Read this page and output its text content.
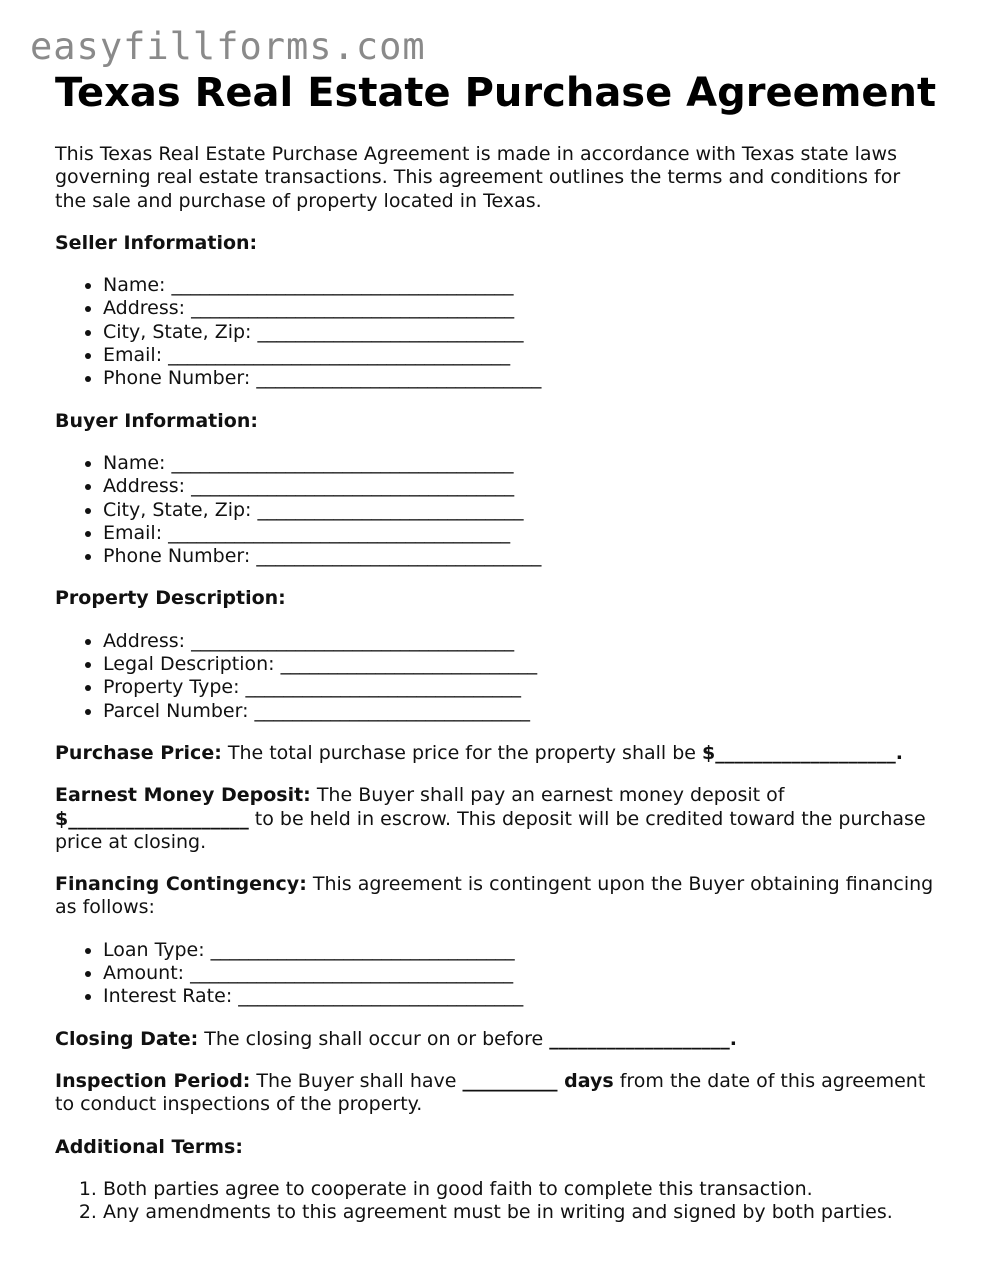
easyfillforms.com
Texas Real Estate Purchase Agreement

This Texas Real Estate Purchase Agreement is made in accordance with Texas state laws governing real estate transactions. This agreement outlines the terms and conditions for the sale and purchase of property located in Texas.

Seller Information:
• Name: ____________________________________
• Address: __________________________________
• City, State, Zip: ____________________________
• Email: ____________________________________
• Phone Number: ______________________________
Buyer Information:
• Name: ____________________________________
• Address: __________________________________
• City, State, Zip: ____________________________
• Email: ____________________________________
• Phone Number: ______________________________
Property Description:
• Address: __________________________________
• Legal Description: ___________________________
• Property Type: _____________________________
• Parcel Number: _____________________________

Purchase Price: The total purchase price for the property shall be $___________________.

Earnest Money Deposit: The Buyer shall pay an earnest money deposit of $___________________ to be held in escrow. This deposit will be credited toward the purchase price at closing.

Financing Contingency: This agreement is contingent upon the Buyer obtaining financing as follows:

• Loan Type: ________________________________
• Amount: __________________________________
• Interest Rate: ______________________________

Closing Date: The closing shall occur on or before ___________________.

Inspection Period: The Buyer shall have __________ days from the date of this agreement to conduct inspections of the property.

Additional Terms:
1. Both parties agree to cooperate in good faith to complete this transaction.
2. Any amendments to this agreement must be in writing and signed by both parties.
